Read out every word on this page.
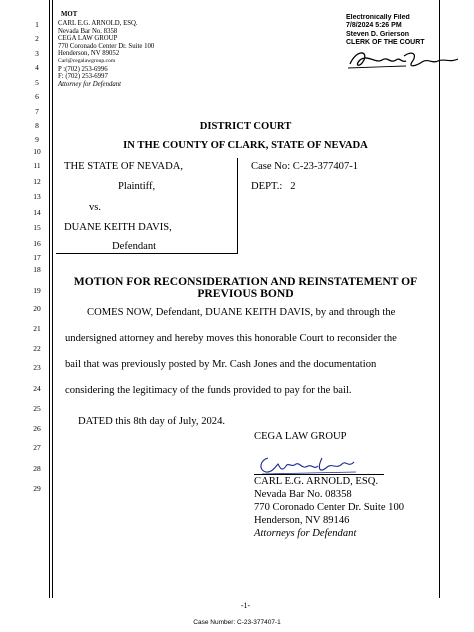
1
2
3
4
5
6
7
8
9
10
11
12
13
14
15
16
17
18
19
20
21
22
23
24
25
26
27
28
29
MOT
CARL E.G. ARNOLD, ESQ.
Nevada Bar No. 8358
CEGA LAW GROUP
770 Coronado Center Dr. Suite 100
Henderson, NV 89052
Carl@cegalawgroup.com
P :(702) 253-6996
F: (702) 253-6997
Attorney for Defendant
Electronically Filed
7/8/2024 5:26 PM
Steven D. Grierson
CLERK OF THE COURT
DISTRICT COURT
IN THE COUNTY OF CLARK, STATE OF NEVADA
THE STATE OF NEVADA,
Plaintiff,
vs.
DUANE KEITH DAVIS,
Defendant
Case No: C-23-377407-1
DEPT.:   2
MOTION FOR RECONSIDERATION AND REINSTATEMENT OF
PREVIOUS BOND
COMES NOW, Defendant, DUANE KEITH DAVIS, by and through the
undersigned attorney and hereby moves this honorable Court to reconsider the
bail that was previously posted by Mr. Cash Jones and the documentation
considering the legitimacy of the funds provided to pay for the bail.
DATED this 8th day of July, 2024.
CEGA LAW GROUP
CARL E.G. ARNOLD, ESQ.
Nevada Bar No. 08358
770 Coronado Center Dr. Suite 100
Henderson, NV 89146
Attorneys for Defendant
-1-
Case Number: C-23-377407-1
